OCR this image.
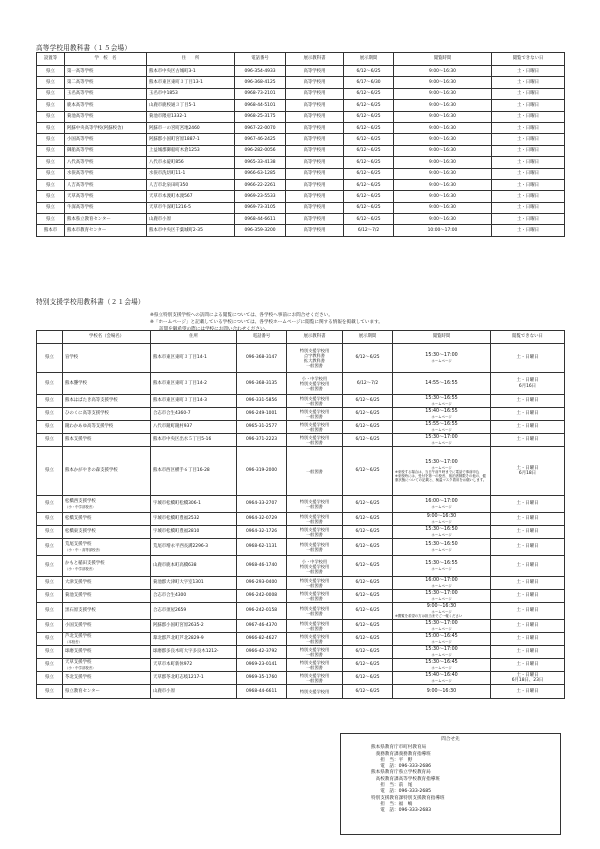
高等学校用教科書（１５会場）
設置等	学　校　名	住　　所	電話番号	展示教科書	展示期間	閲覧時間	閲覧できない日
県立	第一高等学校	熊本市中央区古城町3-1	096-354-4933	高等学校用	6/12～6/25	9:00～16:30	土・日曜日
県立	第二高等学校	熊本市東区東町３丁目13-1	096-368-4125	高等学校用	6/17～6/30	9:00～16:30	土・日曜日
県立	玉名高等学校	玉名市中1853	0968-73-2101	高等学校用	6/12～6/25	9:00～16:30	土・日曜日
県立	鹿本高等学校	山鹿市鹿校通３丁目5-1	0968-44-5101	高等学校用	6/12～6/25	9:00～16:30	土・日曜日
県立	菊池高等学校	菊池市隈府1332-1	0968-25-3175	高等学校用	6/12～6/25	9:00～16:30	土・日曜日
県立	阿蘇中央高等学校(阿蘇校舎)	阿蘇市一の宮町宮地2460	0967-22-0070	高等学校用	6/12～6/25	9:00～16:30	土・日曜日
県立	小国高等学校	阿蘇郡小国町宮原1887-1	0967-46-2425	高等学校用	6/12～6/25	9:00～16:30	土・日曜日
県立	御船高等学校	上益城郡御船町木倉1253	096-282-0056	高等学校用	6/12～6/25	9:00～16:30	土・日曜日
県立	八代高等学校	八代市永碇町856	0965-33-4138	高等学校用	6/12～6/25	9:00～16:30	土・日曜日
県立	水俣高等学校	水俣市洗切町11-1	0966-63-1285	高等学校用	6/12～6/25	9:00～16:30	土・日曜日
県立	人吉高等学校	人吉市北泉田町350	0966-22-2261	高等学校用	6/12～6/25	9:00～16:30	土・日曜日
県立	天草高等学校	天草市本渡町本渡567	0969-23-5533	高等学校用	6/12～6/25	9:00～16:30	土・日曜日
県立	牛深高等学校	天草市牛深町1216-5	0969-73-3105	高等学校用	6/12～6/25	9:00～16:30	土・日曜日
県立	熊本県立教育センター	山鹿市小原	0968-44-6611	高等学校用	6/12～6/25	9:00～16:30	土・日曜日
熊本市	熊本市教育センター	熊本市中央区千葉城町2-35	096-359-3200	高等学校用	6/12～7/2	10:00～17:00	土・日曜日
特別支援学校用教科書（２１会場）
※県立特別支援学校への訪問による閲覧については、各学校へ事前にお問合せください。
※「ホームページ」と記載している学校については、各学校ホームページに閲覧に関する情報を掲載しています。
訪問を御希望の際には学校にお問い合わせください。
	学校名（会場名）	住所	電話番号	展示教科書	展示期間	閲覧時間	閲覧できない日
県立	盲学校	熊本市東区東町３丁目14-1	096-368-3147	特別支援学校用
点字教科書
拡大教科書
一般図書	6/12～6/25	15:30～17:00
ホームページ	土・日曜日

県立	熊本聾学校	熊本市東区東町３丁目14-2	096-368-3135	小・中学校用
特別支援学校用
一般図書	6/12～7/2	14:55～16:55	土・日曜日
6月16日

県立	熊本はばたき高等支援学校	熊本市東区東町３丁目14-3	096-331-5856	特別支援学校用
一般図書	6/12～6/25	15:30～16:55
ホームページ	土・日曜日

県立	ひのくに高等支援学校	合志市合生4360-7	096-249-1001	特別支援学校用
一般図書	6/12～6/25	15:40～16:55
ホームページ	土・日曜日

県立	鏡わかあゆ高等支援学校	八代市鏡町鏡村937	0965-31-2577	特別支援学校用
一般図書	6/12～6/25	15:55～16:55
ホームページ	土・日曜日

県立	熊本支援学校	熊本市中央区出水５丁目5-16	096-371-2223	特別支援学校用
一般図書	6/12～6/25	15:30～17:00
ホームページ	土・日曜日

県立	熊本かがやきの森支援学校	熊本市西区横手６丁目16-28	096-319-2000	一般図書	6/12～6/25	15:30～17:00
ホームページ
※来校する場合は、当日午前９時までに電話で事前申込
※来校時には、受付を第一の校舎、宿泊者制限その他の、健康状態についての記載と、検温マスク着用をお願いします。	土・日曜日
6月18日

県立	松橋西支援学校
（小・中学部校舎）	宇城市松橋町松橋306-1	0964-33-2707	特別支援学校用
一般図書	6/12～6/25	16:00～17:00
ホームページ	土・日曜日

県立	松橋支援学校	宇城市松橋町豊福2532	0964-32-0729	特別支援学校用
一般図書	6/12～6/25	9:00～16:30
ホームページ	土・日曜日

県立	松橋東支援学校	宇城市松橋町豊福2810	0964-32-1726	特別支援学校用
一般図書	6/12～6/25	15:30～16:50
ホームページ	土・日曜日

県立	荒尾支援学校
（小・中・高等部校舎）	荒尾市増永平西長溝2296-3	0968-62-1131	特別支援学校用
一般図書	6/12～6/25	15:30～16:50
ホームページ	土・日曜日

県立	かもと稲田支援学校
（小・中学部校舎）	山鹿市鹿本町高橋638	0968-46-1740	小・中学校用
特別支援学校用
一般図書	6/12～6/25	15:30～16:55
ホームページ	土・日曜日

県立	大津支援学校	菊池郡大津町大字室1301	096-293-0400	特別支援学校用
一般図書	6/12～6/25	16:00～17:00
ホームページ	土・日曜日

県立	菊池支援学校	合志市合生4300	096-242-0008	特別支援学校用
一般図書	6/12～6/25	15:30～17:00
ホームページ	土・日曜日

県立	黒石原支援学校	合志市須屋2659	096-242-0158	特別支援学校用
一般図書	6/12～6/25	9:00～16:30
ホームページ
※閲覧を希望の方は担当までご一報ください	土・日曜日

県立	小国支援学校	阿蘇郡小国町宮原2635-2	0967-46-4370	特別支援学校用
一般図書	6/12～6/25	15:30～17:00
ホームページ	土・日曜日

県立	芦北支援学校
（本校舎）	葦北郡芦北町芦北2829-9	0966-82-4627	特別支援学校用
一般図書	6/12～6/25	15:00～16:45
ホームページ	土・日曜日

県立	球磨支援学校	球磨郡多良木町大字多良木1212-	0966-42-3792	特別支援学校用
一般図書	6/12～6/25	15:30～17:00
ホームページ	土・日曜日

県立	天草支援学校
（小・中学部校舎）	天草市本町新休972	0969-23-0141	特別支援学校用
一般図書	6/12～6/25	15:30～16:45
ホームページ	土・日曜日

県立	苓北支援学校	天草郡苓北町志岐1217-1	0969-35-1760	特別支援学校用
一般図書	6/12～6/25	15:40～16:40
ホームページ	土・日曜日
6月18日、23日

県立	県立教育センター	山鹿市小原	0968-44-6611	特別支援学校用	6/12～6/25	9:00～16:30	土・日曜日
問合せ先
熊本県教育庁市町村教育局
　義務教育課義務教育指導班
　　担　当：平　野
　　電　話：096-333-2686
熊本県教育庁県立学校教育局
　高校教育課高等学校教育指導班
　　担　当：前　尾
　　電　話：096-333-2685
特別支援教育課特別支援教育指導班
　　担　当：福　嶋
　　電　話：096-333-2683
